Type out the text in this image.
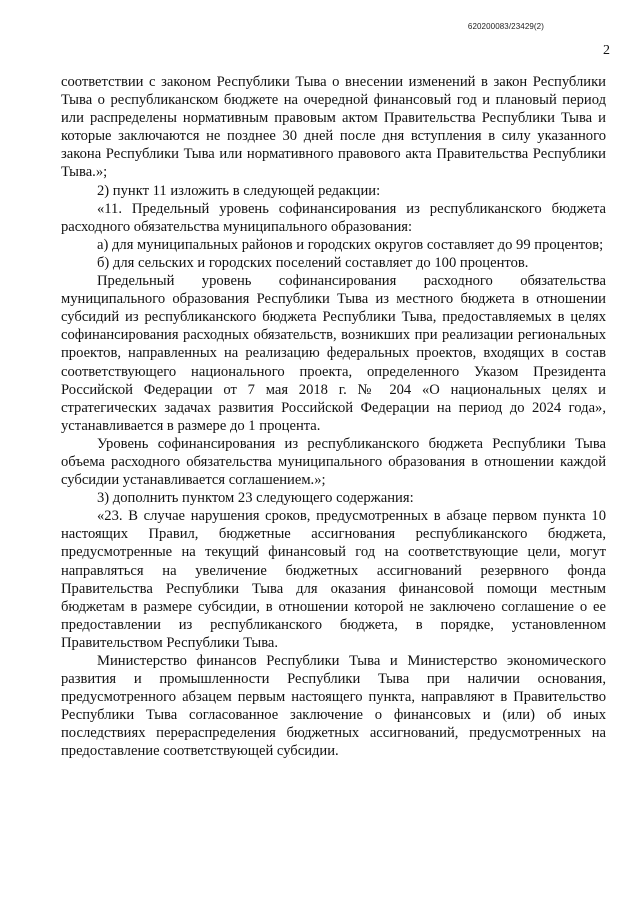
620200083/23429(2)
2

соответствии с законом Республики Тыва о внесении изменений в закон Республики Тыва о республиканском бюджете на очередной финансовый год и плановый период или распределены нормативным правовым актом Правительства Республики Тыва и которые заключаются не позднее 30 дней после дня вступления в силу указанного закона Республики Тыва или нормативного правового акта Правительства Республики Тыва.»;

2) пункт 11 изложить в следующей редакции:

«11. Предельный уровень софинансирования из республиканского бюджета расходного обязательства муниципального образования:

а) для муниципальных районов и городских округов составляет до 99 процентов;

б) для сельских и городских поселений составляет до 100 процентов.

Предельный уровень софинансирования расходного обязательства муниципального образования Республики Тыва из местного бюджета в отношении субсидий из республиканского бюджета Республики Тыва, предоставляемых в целях софинансирования расходных обязательств, возникших при реализации региональных проектов, направленных на реализацию федеральных проектов, входящих в состав соответствующего национального проекта, определенного Указом Президента Российской Федерации от 7 мая 2018 г. № 204 «О национальных целях и стратегических задачах развития Российской Федерации на период до 2024 года», устанавливается в размере до 1 процента.

Уровень софинансирования из республиканского бюджета Республики Тыва объема расходного обязательства муниципального образования в отношении каждой субсидии устанавливается соглашением.»;

3) дополнить пунктом 23 следующего содержания:

«23. В случае нарушения сроков, предусмотренных в абзаце первом пункта 10 настоящих Правил, бюджетные ассигнования республиканского бюджета, предусмотренные на текущий финансовый год на соответствующие цели, могут направляться на увеличение бюджетных ассигнований резервного фонда Правительства Республики Тыва для оказания финансовой помощи местным бюджетам в размере субсидии, в отношении которой не заключено соглашение о ее предоставлении из республиканского бюджета, в порядке, установленном Правительством Республики Тыва.

Министерство финансов Республики Тыва и Министерство экономического развития и промышленности Республики Тыва при наличии основания, предусмотренного абзацем первым настоящего пункта, направляют в Правительство Республики Тыва согласованное заключение о финансовых и (или) об иных последствиях перераспределения бюджетных ассигнований, предусмотренных на предоставление соответствующей субсидии.
